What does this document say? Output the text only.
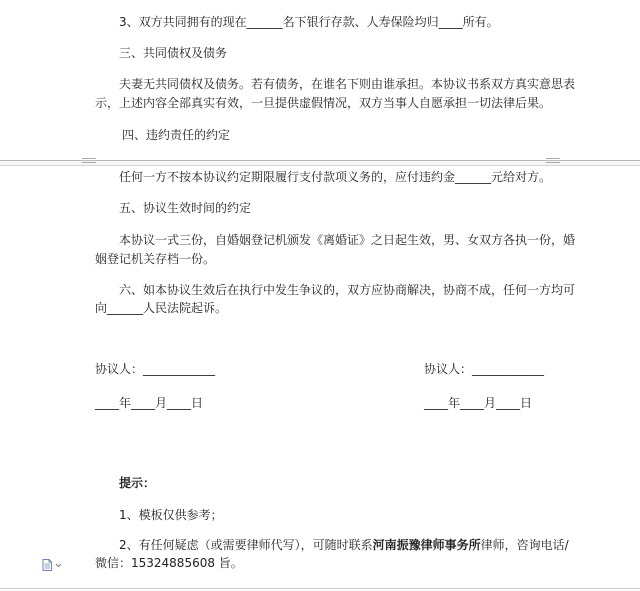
3、双方共同拥有的现在______名下银行存款、人寿保险均归____所有。
三、共同债权及债务
夫妻无共同债权及债务。若有债务，在谁名下则由谁承担。本协议书系双方真实意思表
示，上述内容全部真实有效，一旦提供虚假情况，双方当事人自愿承担一切法律后果。
四、违约责任的约定
任何一方不按本协议约定期限履行支付款项义务的，应付违约金______元给对方。
五、协议生效时间的约定
本协议一式三份，自婚姻登记机颁发《离婚证》之日起生效，男、女双方各执一份，婚
姻登记机关存档一份。
六、如本协议生效后在执行中发生争议的，双方应协商解决，协商不成，任何一方均可
向______人民法院起诉。
协议人：____________	协议人：____________
____年____月____日	____年____月____日
提示：
1、模板仅供参考；
2、有任何疑虑（或需要律师代写），可随时联系河南振豫律师事务所律师，咨询电话/
微信：15324885608 旨。
